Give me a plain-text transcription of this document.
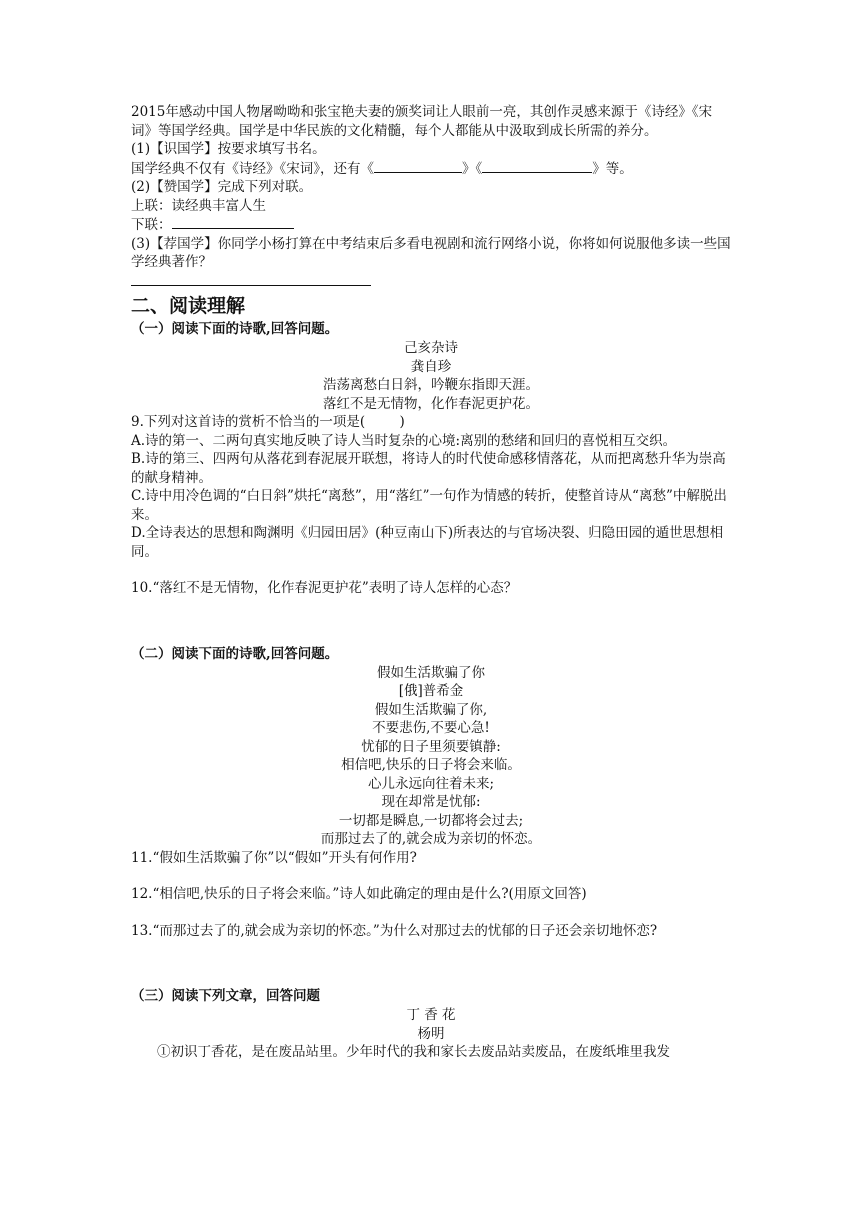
2015年感动中国人物屠呦呦和张宝艳夫妻的颁奖词让人眼前一亮，其创作灵感来源于《诗经》《宋词》等国学经典。国学是中华民族的文化精髓，每个人都能从中汲取到成长所需的养分。
(1)【识国学】按要求填写书名。
国学经典不仅有《诗经》《宋词》，还有《	》《	》等。
(2)【赞国学】完成下列对联。
上联：读经典丰富人生
下联：
(3)【荐国学】你同学小杨打算在中考结束后多看电视剧和流行网络小说，你将如何说服他多读一些国学经典著作？
二、阅读理解
（一）阅读下面的诗歌,回答问题。
己亥杂诗
龚自珍
浩荡离愁白日斜，吟鞭东指即天涯。
落红不是无情物，化作春泥更护花。
9.下列对这首诗的赏析不恰当的一项是(        )
A.诗的第一、二两句真实地反映了诗人当时复杂的心境:离别的愁绪和回归的喜悦相互交织。
B.诗的第三、四两句从落花到春泥展开联想，将诗人的时代使命感移情落花，从而把离愁升华为崇高的献身精神。
C.诗中用冷色调的“白日斜”烘托“离愁”，用“落红”一句作为情感的转折，使整首诗从“离愁”中解脱出来。
D.全诗表达的思想和陶渊明《归园田居》(种豆南山下)所表达的与官场决裂、归隐田园的遁世思想相同。
10.“落红不是无情物，化作春泥更护花”表明了诗人怎样的心态？
（二）阅读下面的诗歌,回答问题。
假如生活欺骗了你
[俄]普希金
假如生活欺骗了你,
不要悲伤,不要心急!
忧郁的日子里须要镇静:
相信吧,快乐的日子将会来临。
心儿永远向往着未来;
现在却常是忧郁:
一切都是瞬息,一切都将会过去;
而那过去了的,就会成为亲切的怀恋。
11.“假如生活欺骗了你”以“假如”开头有何作用?
12.“相信吧,快乐的日子将会来临。”诗人如此确定的理由是什么?(用原文回答)
13.“而那过去了的,就会成为亲切的怀恋。”为什么对那过去的忧郁的日子还会亲切地怀恋?
（三）阅读下列文章，回答问题
丁 香 花
杨明
①初识丁香花，是在废品站里。少年时代的我和家长去废品站卖废品，在废纸堆里我发
